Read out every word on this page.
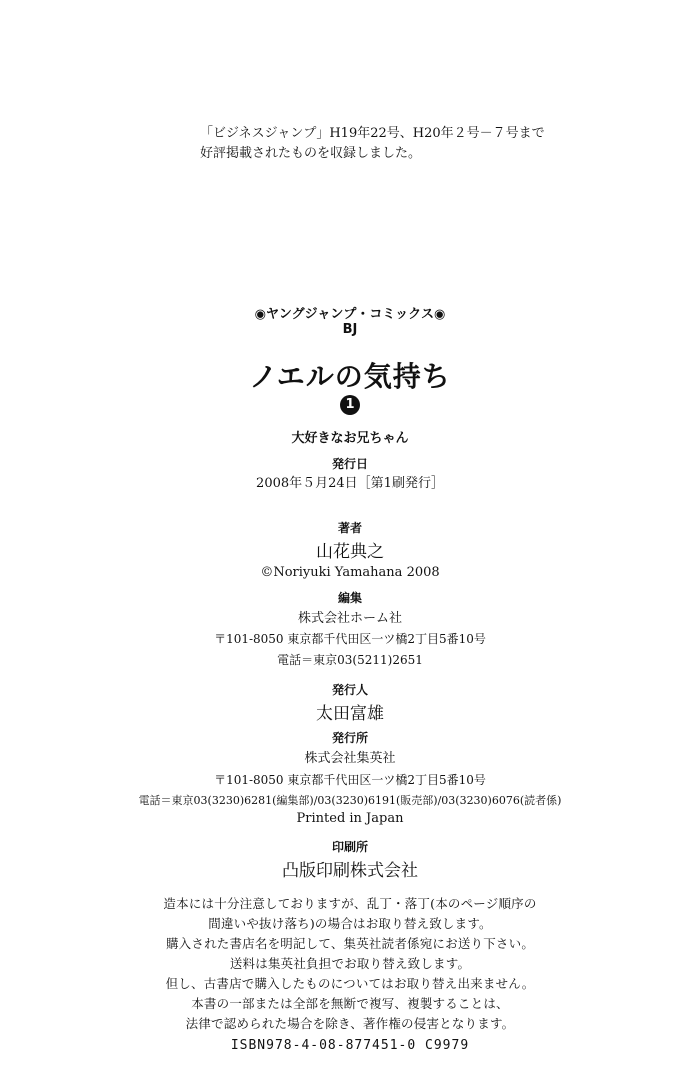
「ビジネスジャンプ」H19年22号、H20年２号－７号まで
好評掲載されたものを収録しました。
◉ヤングジャンプ・コミックス◉
BJ
ノエルの気持ち
1
大好きなお兄ちゃん
発行日
2008年５月24日［第1刷発行］
著者
山花典之
©Noriyuki Yamahana 2008
編集
株式会社ホーム社
〒101-8050 東京都千代田区一ツ橋2丁目5番10号
電話＝東京03(5211)2651
発行人
太田富雄
発行所
株式会社集英社
〒101-8050 東京都千代田区一ツ橋2丁目5番10号
電話＝東京03(3230)6281(編集部)/03(3230)6191(販売部)/03(3230)6076(読者係)
Printed in Japan
印刷所
凸版印刷株式会社
造本には十分注意しておりますが、乱丁・落丁(本のページ順序の
間違いや抜け落ち)の場合はお取り替え致します。
購入された書店名を明記して、集英社読者係宛にお送り下さい。
送料は集英社負担でお取り替え致します。
但し、古書店で購入したものについてはお取り替え出来ません。
本書の一部または全部を無断で複写、複製することは、
法律で認められた場合を除き、著作権の侵害となります。
ISBN978-4-08-877451-0 C9979
